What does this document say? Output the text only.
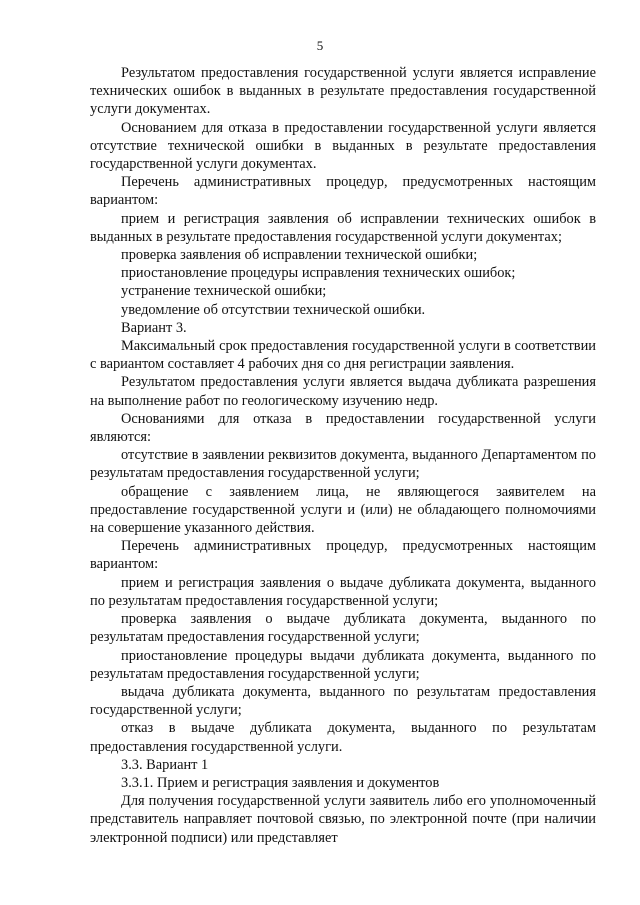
5

Результатом предоставления государственной услуги является исправление технических ошибок в выданных в результате предоставления государственной услуги документах.

Основанием для отказа в предоставлении государственной услуги является отсутствие технической ошибки в выданных в результате предоставления государственной услуги документах.

Перечень административных процедур, предусмотренных настоящим вариантом:

прием и регистрация заявления об исправлении технических ошибок в выданных в результате предоставления государственной услуги документах;

проверка заявления об исправлении технической ошибки;

приостановление процедуры исправления технических ошибок;

устранение технической ошибки;

уведомление об отсутствии технической ошибки.

Вариант 3.

Максимальный срок предоставления государственной услуги в соответствии с вариантом составляет 4 рабочих дня со дня регистрации заявления.

Результатом предоставления услуги является выдача дубликата разрешения на выполнение работ по геологическому изучению недр.

Основаниями для отказа в предоставлении государственной услуги являются:

отсутствие в заявлении реквизитов документа, выданного Департаментом по результатам предоставления государственной услуги;

обращение с заявлением лица, не являющегося заявителем на предоставление государственной услуги и (или) не обладающего полномочиями на совершение указанного действия.

Перечень административных процедур, предусмотренных настоящим вариантом:

прием и регистрация заявления о выдаче дубликата документа, выданного по результатам предоставления государственной услуги;

проверка заявления о выдаче дубликата документа, выданного по результатам предоставления государственной услуги;

приостановление процедуры выдачи дубликата документа, выданного по результатам предоставления государственной услуги;

выдача дубликата документа, выданного по результатам предоставления государственной услуги;

отказ в выдаче дубликата документа, выданного по результатам предоставления государственной услуги.

3.3. Вариант 1

3.3.1. Прием и регистрация заявления и документов

Для получения государственной услуги заявитель либо его уполномоченный представитель направляет почтовой связью, по электронной почте (при наличии электронной подписи) или представляет
